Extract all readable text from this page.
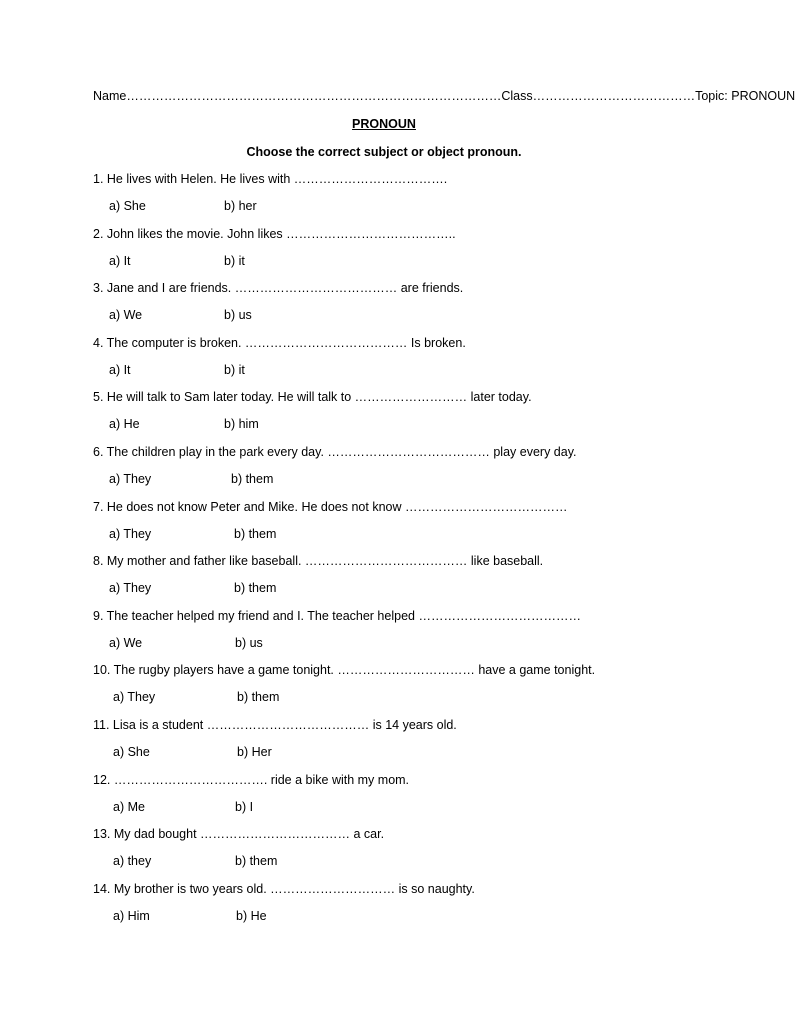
Name………………………………………………………………………………Class…………………………………Topic: PRONOUN
PRONOUN
Choose the correct subject or object pronoun.
1. He lives with Helen. He lives with ……………………………….
a) She	b) her
2. John likes the movie. John likes …………………………………..
a) It	b) it
3. Jane and I are friends. ………………………………… are friends.
a) We	b) us
4. The computer is broken. ………………………………… Is broken.
a) It	b) it
5. He will talk to Sam later today. He will talk to ……………………… later today.
a) He	b) him
6. The children play in the park every day. ………………………………… play every day.
a) They	b) them
7. He does not know Peter and Mike. He does not know …………………………………
a) They	b) them
8. My mother and father like baseball. ………………………………… like baseball.
a) They	b) them
9. The teacher helped my friend and I. The teacher helped …………………………………
a) We	b) us
10. The rugby players have a game tonight. …………………………… have a game tonight.
a) They	b) them
11. Lisa is a student ………………………………… is 14 years old.
a) She	b) Her
12. ………………………………. ride a bike with my mom.
a) Me	b) I
13. My dad bought ……………………………… a car.
a) they	b) them
14. My brother is two years old. ………………………… is so naughty.
a) Him	b) He
